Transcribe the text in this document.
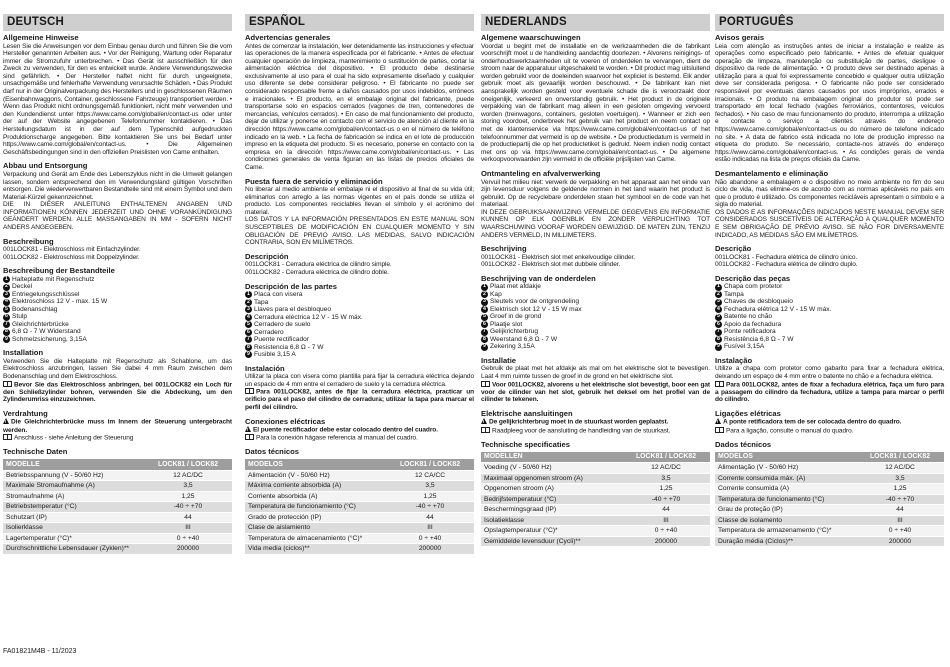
DEUTSCH
Allgemeine Hinweise

Lesen Sie die Anweisungen vor dem Einbau genau durch und führen Sie die vom Hersteller genannten Arbeiten aus. • Vor der Reinigung, Wartung oder Reparatur immer die Stromzufuhr unterbrechen. • Das Gerät ist ausschließlich für den Zweck zu verwenden, für den es entwickelt wurde. Andere Verwendungszwecke sind gefährlich. • Der Hersteller haftet nicht für durch ungeeignete, unsachgemäße und fehlerhafte Verwendung verursachte Schäden. • Das Produkt darf nur in der Originalverpackung des Herstellers und in geschlossenen Räumen (Eisenbahnwaggons, Container, geschlossene Fahrzeuge) transportiert werden. • Wenn das Produkt nicht ordnungsgemäß funktioniert, nicht mehr verwenden und den Kundendienst unter https://www.came.com/global/en/contact-us oder unter der auf der Website angegebenen Telefonnummer kontaktieren. • Das Herstellungsdatum ist in der auf dem Typenschild aufgedruckten Produktionscharge angegeben. Bitte kontaktieren Sie uns bei Bedarf unter https://www.came.com/global/en/contact-us. • Die Allgemeinen Geschäftsbedingungen sind in den offiziellen Preislisten von Came enthalten.

Abbau und Entsorgung

Verpackung und Gerät am Ende des Lebenszyklus nicht in die Umwelt gelangen lassen, sondern entsprechend den im Verwendungsland gültigen Vorschriften entsorgen. Die wiederverwertbaren Bestandteile sind mit einem Symbol und dem Material-Kürzel gekennzeichnet.

DIE IN DIESER ANLEITUNG ENTHALTENEN ANGABEN UND INFORMATIONEN KÖNNEN JEDERZEIT UND OHNE VORANKÜNDIGUNG GEÄNDERT WERDEN. ALLE MASSANGABEN IN MM - SOFERN NICHT ANDERS ANGEGEBEN.

Beschreibung

001LOCK81 - Elektroschloss mit Einfachzylinder.

001LOCK82 - Elektroschloss mit Doppelzylinder.

Beschreibung der Bestandteile
1 Halteplatte mit Regenschutz
2 Deckel
3 Entriegelungsschlüssel
4 Elektroschloss 12 V - max. 15 W
5 Bodenanschlag
6 Stulp
7 Gleichrichterbrücke
8 6,8 Ω - 7 W Widerstand
9 Schmelzsicherung, 3,15A
Installation

Verwenden Sie die Halteplatte mit Regenschutz als Schablone, um das Elektroschloss anzubringen, lassen Sie dabei 4 mm Raum zwischen dem Bodenanschlag und dem Elektroschloss.

Bevor Sie das Elektroschloss anbringen, bei 001LOCK82 ein Loch für den Schließzylinder bohren, verwenden Sie die Abdeckung, um den Zylinderumriss einzuzeichnen.

Verdrahtung

!Die Gleichrichterbrücke muss im Innern der Steuerung untergebracht werden.

Anschluss - siehe Anleitung der Steuerung

Technische Daten
MODELLE	LOCK81 / LOCK82
Betriebsspannung (V - 50/60 Hz)	12 AC/DC
Maximale Stromaufnahme (A)	3,5
Stromaufnahme (A)	1,25
Betriebstemperatur (°C)	-40 ÷ +70
Schutzart (IP)	44
Isolierklasse	III
Lagertemperatur (°C)*	0 ÷ +40
Durchschnittliche Lebensdauer (Zyklen)**	200000
ESPAÑOL
Advertencias generales

Antes de comenzar la instalación, leer detenidamente las instrucciones y efectuar las operaciones de la manera especificada por el fabricante. • Antes de efectuar cualquier operación de limpieza, mantenimiento o sustitución de partes, cortar la alimentación eléctrica del dispositivo. • El producto debe destinarse exclusivamente al uso para el cual ha sido expresamente diseñado y cualquier uso diferente se debe considerar peligroso. • El fabricante no puede ser considerado responsable frente a daños causados por usos indebidos, erróneos e irracionales. • El producto, en el embalaje original del fabricante, puede transportarse solo en espacios cerrados (vagones de tren, contenedores de mercancías, vehículos cerrados). • En caso de mal funcionamiento del producto, dejar de utilizar y ponerse en contacto con el servicio de atención al cliente en la dirección https://www.came.com/global/en/contact-us o en el número de teléfono indicado en la web. • La fecha de fabricación se indica en el lote de producción impreso en la etiqueta del producto. Si es necesario, ponerse en contacto con la empresa en la dirección https://www.came.com/global/en/contact-us. • Las condiciones generales de venta figuran en las listas de precios oficiales de Came.

Puesta fuera de servicio y eliminación

No liberar al medio ambiente el embalaje ni el dispositivo al final de su vida útil; eliminarlos con arreglo a las normas vigentes en el país donde se utiliza el producto. Los componentes reciclables llevan el símbolo y el acrónimo del material.

LOS DATOS Y LA INFORMACIÓN PRESENTADOS EN ESTE MANUAL SON SUSCEPTIBLES DE MODIFICACIÓN EN CUALQUIER MOMENTO Y SIN OBLIGACIÓN DE PREVIO AVISO. LAS MEDIDAS, SALVO INDICACIÓN CONTRARIA, SON EN MILÍMETROS.

Descripción

001LOCK81 - Cerradura eléctrica de cilindro simple.

001LOCK82 - Cerradura eléctrica de cilindro doble.

Descripción de las partes
1 Placa con visera
2 Tapa
3 Llaves para el desbloqueo
4 Cerradura eléctrica 12 V - 15 W máx.
5 Cerradero de suelo
6 Cerradero
7 Puente rectificador
8 Resistencia 6,8 Ω - 7 W
9 Fusible 3,15 A
Instalación

Utilizar la placa con visera como plantilla para fijar la cerradura eléctrica dejando un espacio de 4 mm entre el cerradero de suelo y la cerradura eléctrica.

Para 001LOCK82, antes de fijar la cerradura eléctrica, practicar un orificio para el paso del cilindro de cerradura; utilizar la tapa para marcar el perfil del cilindro.

Conexiones eléctricas

!El puente rectificador debe estar colocado dentro del cuadro.

Para la conexión hágase referencia al manual del cuadro.

Datos técnicos
MODELOS	LOCK81 / LOCK82
Alimentación (V - 50/60 Hz)	12 CA/CC
Máxima corriente absorbida (A)	3,5
Corriente absorbida (A)	1,25
Temperatura de funcionamiento (°C)	-40 ÷ +70
Grado de protección (IP)	44
Clase de aislamiento	III
Temperatura de almacenamiento (°C)*	0 ÷ +40
Vida media (ciclos)**	200000
NEDERLANDS
Algemene waarschuwingen

Voordat u begint met de installatie en de werkzaamheden die de fabrikant voorschrijft moet u de handleiding aandachtig doorlezen. • Alvorens reinigings- of onderhoudswerkzaamheden uit te voeren of onderdelen te vervangen, dient de stroom naar de apparatuur uitgeschakeld te worden. • Dit product mag uitsluitend worden gebruikt voor de doeleinden waarvoor het expliciet is bestemd. Elk ander gebruik moet als gevaarlijk worden beschouwd. • De fabrikant kan niet aansprakelijk worden gesteld voor eventuele schade die is veroorzaakt door oneigenlijk, verkeerd en onverstandig gebruik. • Het product in de originele verpakking van de fabrikant mag alleen in een gesloten omgeving vervoerd worden (treinwagons, containers, gesloten voertuigen). • Wanneer er zich een storing voordoet, onderbreek het gebruik van het product en neem contact op met de klantenservice via https://www.came.com/global/en/contact-us of het telefoonnummer dat vermeld is op de website. • De productiedatum is vermeld in de productiepartij die op het productetiket is gedrukt. Neem indien nodig contact met ons op via https://www.came.com/global/en/contact-us. • De algemene verkoopvoorwaarden zijn vermeld in de officiële prijslijsten van Came.

Ontmanteling en afvalverwerking

Vervuil het milieu niet: verwerk de verpakking en het apparaat aan het einde van zijn levensduur volgens de geldende normen in het land waarin het product is gebruikt. Op de recyclebare onderdelen staan het symbool en de code van het materiaal.

IN DEZE GEBRUIKSAANWIJZING VERMELDE GEGEVENS EN INFORMATIE KUNNEN OP ELK OGENBLIK EN ZONDER VERPLICHTING TOT WAARSCHUWING VOORAF WORDEN GEWIJZIGD. DE MATEN ZIJN, TENZIJ ANDERS VERMELD, IN MILLIMETERS.

Beschrijving

001LOCK81 - Elektrisch slot met enkelvoudige cilinder.

001LOCK82 - Elektrisch slot met dubbele cilinder.

Beschrijving van de onderdelen
1 Plaat met afdakje
2 Kap
3 Sleutels voor de ontgrendeling
4 Elektrisch slot 12 V - 15 W max
5 Groef in de grond
6 Plaatje slot
7 Gelijkrichterbrug
8 Weerstand 6,8 Ω - 7 W
9 Zekering 3,15A
Installatie

Gebruik de plaat met het afdakje als mal om het elektrische slot te bevestigen. Laat 4 mm ruimte tussen de groef in de grond en het elektrische slot.

Voor 001LOCK82, alvorens u het elektrische slot bevestigt, boor een gat voor de cilinder van het slot, gebruik het deksel om het profiel van de cilinder te tekenen.

Elektrische aansluitingen

!De gelijkrichterbrug moet in de stuurkast worden geplaatst.

Raadpleeg voor de aansluiting de handleiding van de stuurkast.

Technische specificaties
MODELLEN	LOCK81 / LOCK82
Voeding (V - 50/60 Hz)	12 AC/DC
Maximaal opgenomen stroom (A)	3,5
Opgenomen stroom (A)	1,25
Bedrijfstemperatuur (°C)	-40 ÷ +70
Beschermingsgraad (IP)	44
Isolatieklasse	III
Opslagtemperatuur (°C)*	0 ÷ +40
Gemiddelde levensduur (Cycli)**	200000
PORTUGUÊS
Avisos gerais

Leia com atenção as instruções antes de iniciar a instalação e realize as operações como especificado pelo fabricante. • Antes de efetuar qualquer operação de limpeza, manutenção ou substituição de partes, desligue o dispositivo da rede de alimentação. • O produto deve ser destinado apenas à utilização para a qual foi expressamente concebido e qualquer outra utilização deve ser considerada perigosa. • O fabricante não pode ser considerado responsável por eventuais danos causados por usos impróprios, errados e irracionais. • O produto na embalagem original do produtor só pode ser transportado em local fechado (vagões ferroviários, contentores, veículos fechados). • No caso de mau funcionamento do produto, interrompa a utilização e contacte o serviço a clientes através do endereço https://www.came.com/global/en/contact-us ou do número de telefone indicado no site. • A data de fabrico está indicada no lote de produção impresso na etiqueta do produto. Se necessário, contacte-nos através do endereço https://www.came.com/global/en/contact-us. • As condições gerais de venda estão indicadas na lista de preços oficiais da Came.

Desmantelamento e eliminação

Não abandone a embalagem e o dispositivo no meio ambiente no fim do seu ciclo de vida, mas elimine-os de acordo com as normas aplicáveis no país em que o produto é utilizado. Os componentes recicláveis apresentam o símbolo e a sigla do material.

OS DADOS E AS INFORMAÇÕES INDICADOS NESTE MANUAL DEVEM SER CONSIDERADOS SUSCETÍVEIS DE ALTERAÇÃO A QUALQUER MOMENTO E SEM OBRIGAÇÃO DE PRÉVIO AVISO. SE NÃO FOR DIVERSAMENTE INDICADO, AS MEDIDAS SÃO EM MILÍMETROS.

Descrição

001LOCK81 - Fechadura elétrica de cilindro único.

001LOCK82 - Fechadura elétrica de cilindro duplo.

Descrição das peças
1 Chapa com protetor
2 Tampa
3 Chaves de desbloqueio
4 Fechadura elétrica 12 V - 15 W máx.
5 Batente no chão
6 Apoio da fechadura
7 Ponte retificadora
8 Resistência 6,8 Ω - 7 W
9 Fusível 3,15A
Instalação

Utilize a chapa com protetor como gabarito para fixar a fechadura elétrica, deixando um espaço de 4 mm entre o batente no chão e a fechadura elétrica.

Para 001LOCK82, antes de fixar a fechadura elétrica, faça um furo para a passagem do cilindro da fechadura, utilize a tampa para marcar o perfil do cilindro.

Ligações elétricas

!A ponte retificadora tem de ser colocada dentro do quadro.

Para a ligação, consulte o manual do quadro.

Dados técnicos
MODELOS	LOCK81 / LOCK82
Alimentação (V - 50/60 Hz)	12 AC/DC
Corrente consumida máx. (A)	3,5
Corrente consumida (A)	1,25
Temperatura de funcionamento (°C)	-40 ÷ +70
Grau de proteção (IP)	44
Classe de isolamento	III
Temperatura de armazenamento (°C)*	0 ÷ +40
Duração média (Ciclos)**	200000
FA01821M4B - 11/2023
